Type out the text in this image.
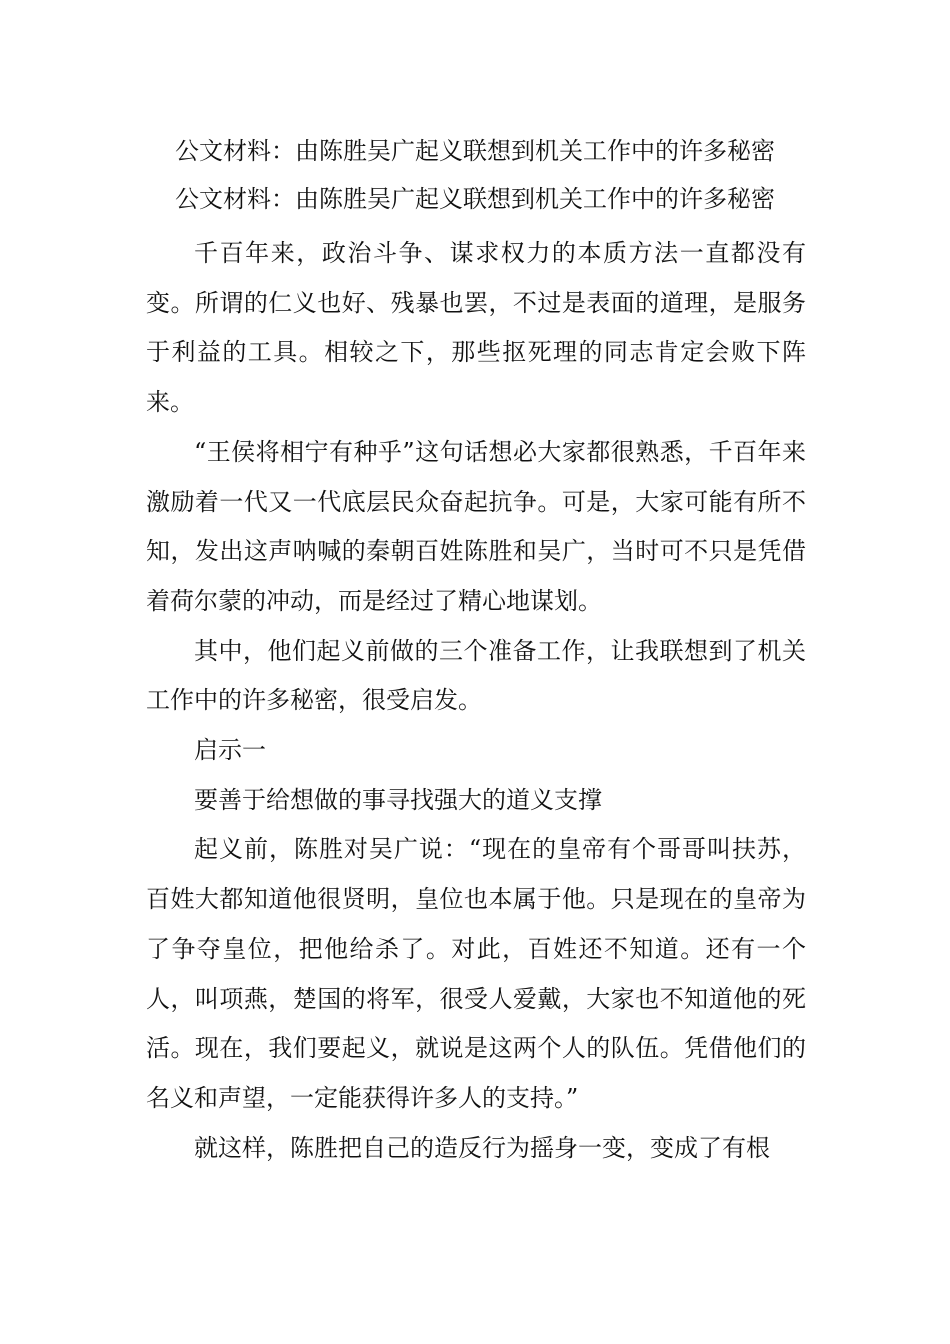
公文材料：由陈胜吴广起义联想到机关工作中的许多秘密
公文材料：由陈胜吴广起义联想到机关工作中的许多秘密

千百年来，政治斗争、谋求权力的本质方法一直都没有变。所谓的仁义也好、残暴也罢，不过是表面的道理，是服务于利益的工具。相较之下，那些抠死理的同志肯定会败下阵来。

“王侯将相宁有种乎”这句话想必大家都很熟悉，千百年来激励着一代又一代底层民众奋起抗争。可是，大家可能有所不知，发出这声呐喊的秦朝百姓陈胜和吴广，当时可不只是凭借着荷尔蒙的冲动，而是经过了精心地谋划。

其中，他们起义前做的三个准备工作，让我联想到了机关工作中的许多秘密，很受启发。

启示一

要善于给想做的事寻找强大的道义支撑

起义前，陈胜对吴广说：“现在的皇帝有个哥哥叫扶苏，百姓大都知道他很贤明，皇位也本属于他。只是现在的皇帝为了争夺皇位，把他给杀了。对此，百姓还不知道。还有一个人，叫项燕，楚国的将军，很受人爱戴，大家也不知道他的死活。现在，我们要起义，就说是这两个人的队伍。凭借他们的名义和声望，一定能获得许多人的支持。”

就这样，陈胜把自己的造反行为摇身一变，变成了有根
